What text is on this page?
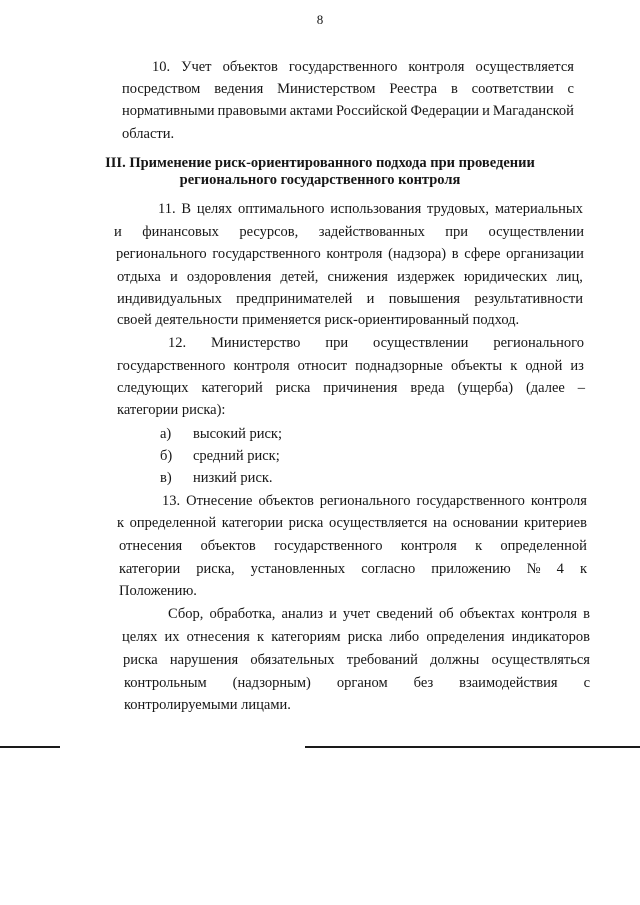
8
10. Учет объектов государственного контроля осуществляется
посредством ведения Министерством Реестра в соответствии с
нормативными правовыми актами Российской Федерации и Магаданской
области.
III. Применение риск-ориентированного подхода при проведении
регионального государственного контроля
11. В целях оптимального использования трудовых, материальных
и финансовых ресурсов, задействованных при осуществлении
регионального государственного контроля (надзора) в сфере организации
отдыха и оздоровления детей, снижения издержек юридических лиц,
индивидуальных предпринимателей и повышения результативности
своей деятельности применяется риск-ориентированный подход.
12. Министерство при осуществлении регионального
государственного контроля относит поднадзорные объекты к одной из
следующих категорий риска причинения вреда (ущерба) (далее –
категории риска):
а) высокий риск;
б) средний риск;
в) низкий риск.
13. Отнесение объектов регионального государственного контроля
к определенной категории риска осуществляется на основании критериев
отнесения объектов государственного контроля к определенной
категории риска, установленных согласно приложению № 4 к
Положению.
Сбор, обработка, анализ и учет сведений об объектах контроля в
целях их отнесения к категориям риска либо определения индикаторов
риска нарушения обязательных требований должны осуществляться
контрольным (надзорным) органом без взаимодействия с
контролируемыми лицами.
